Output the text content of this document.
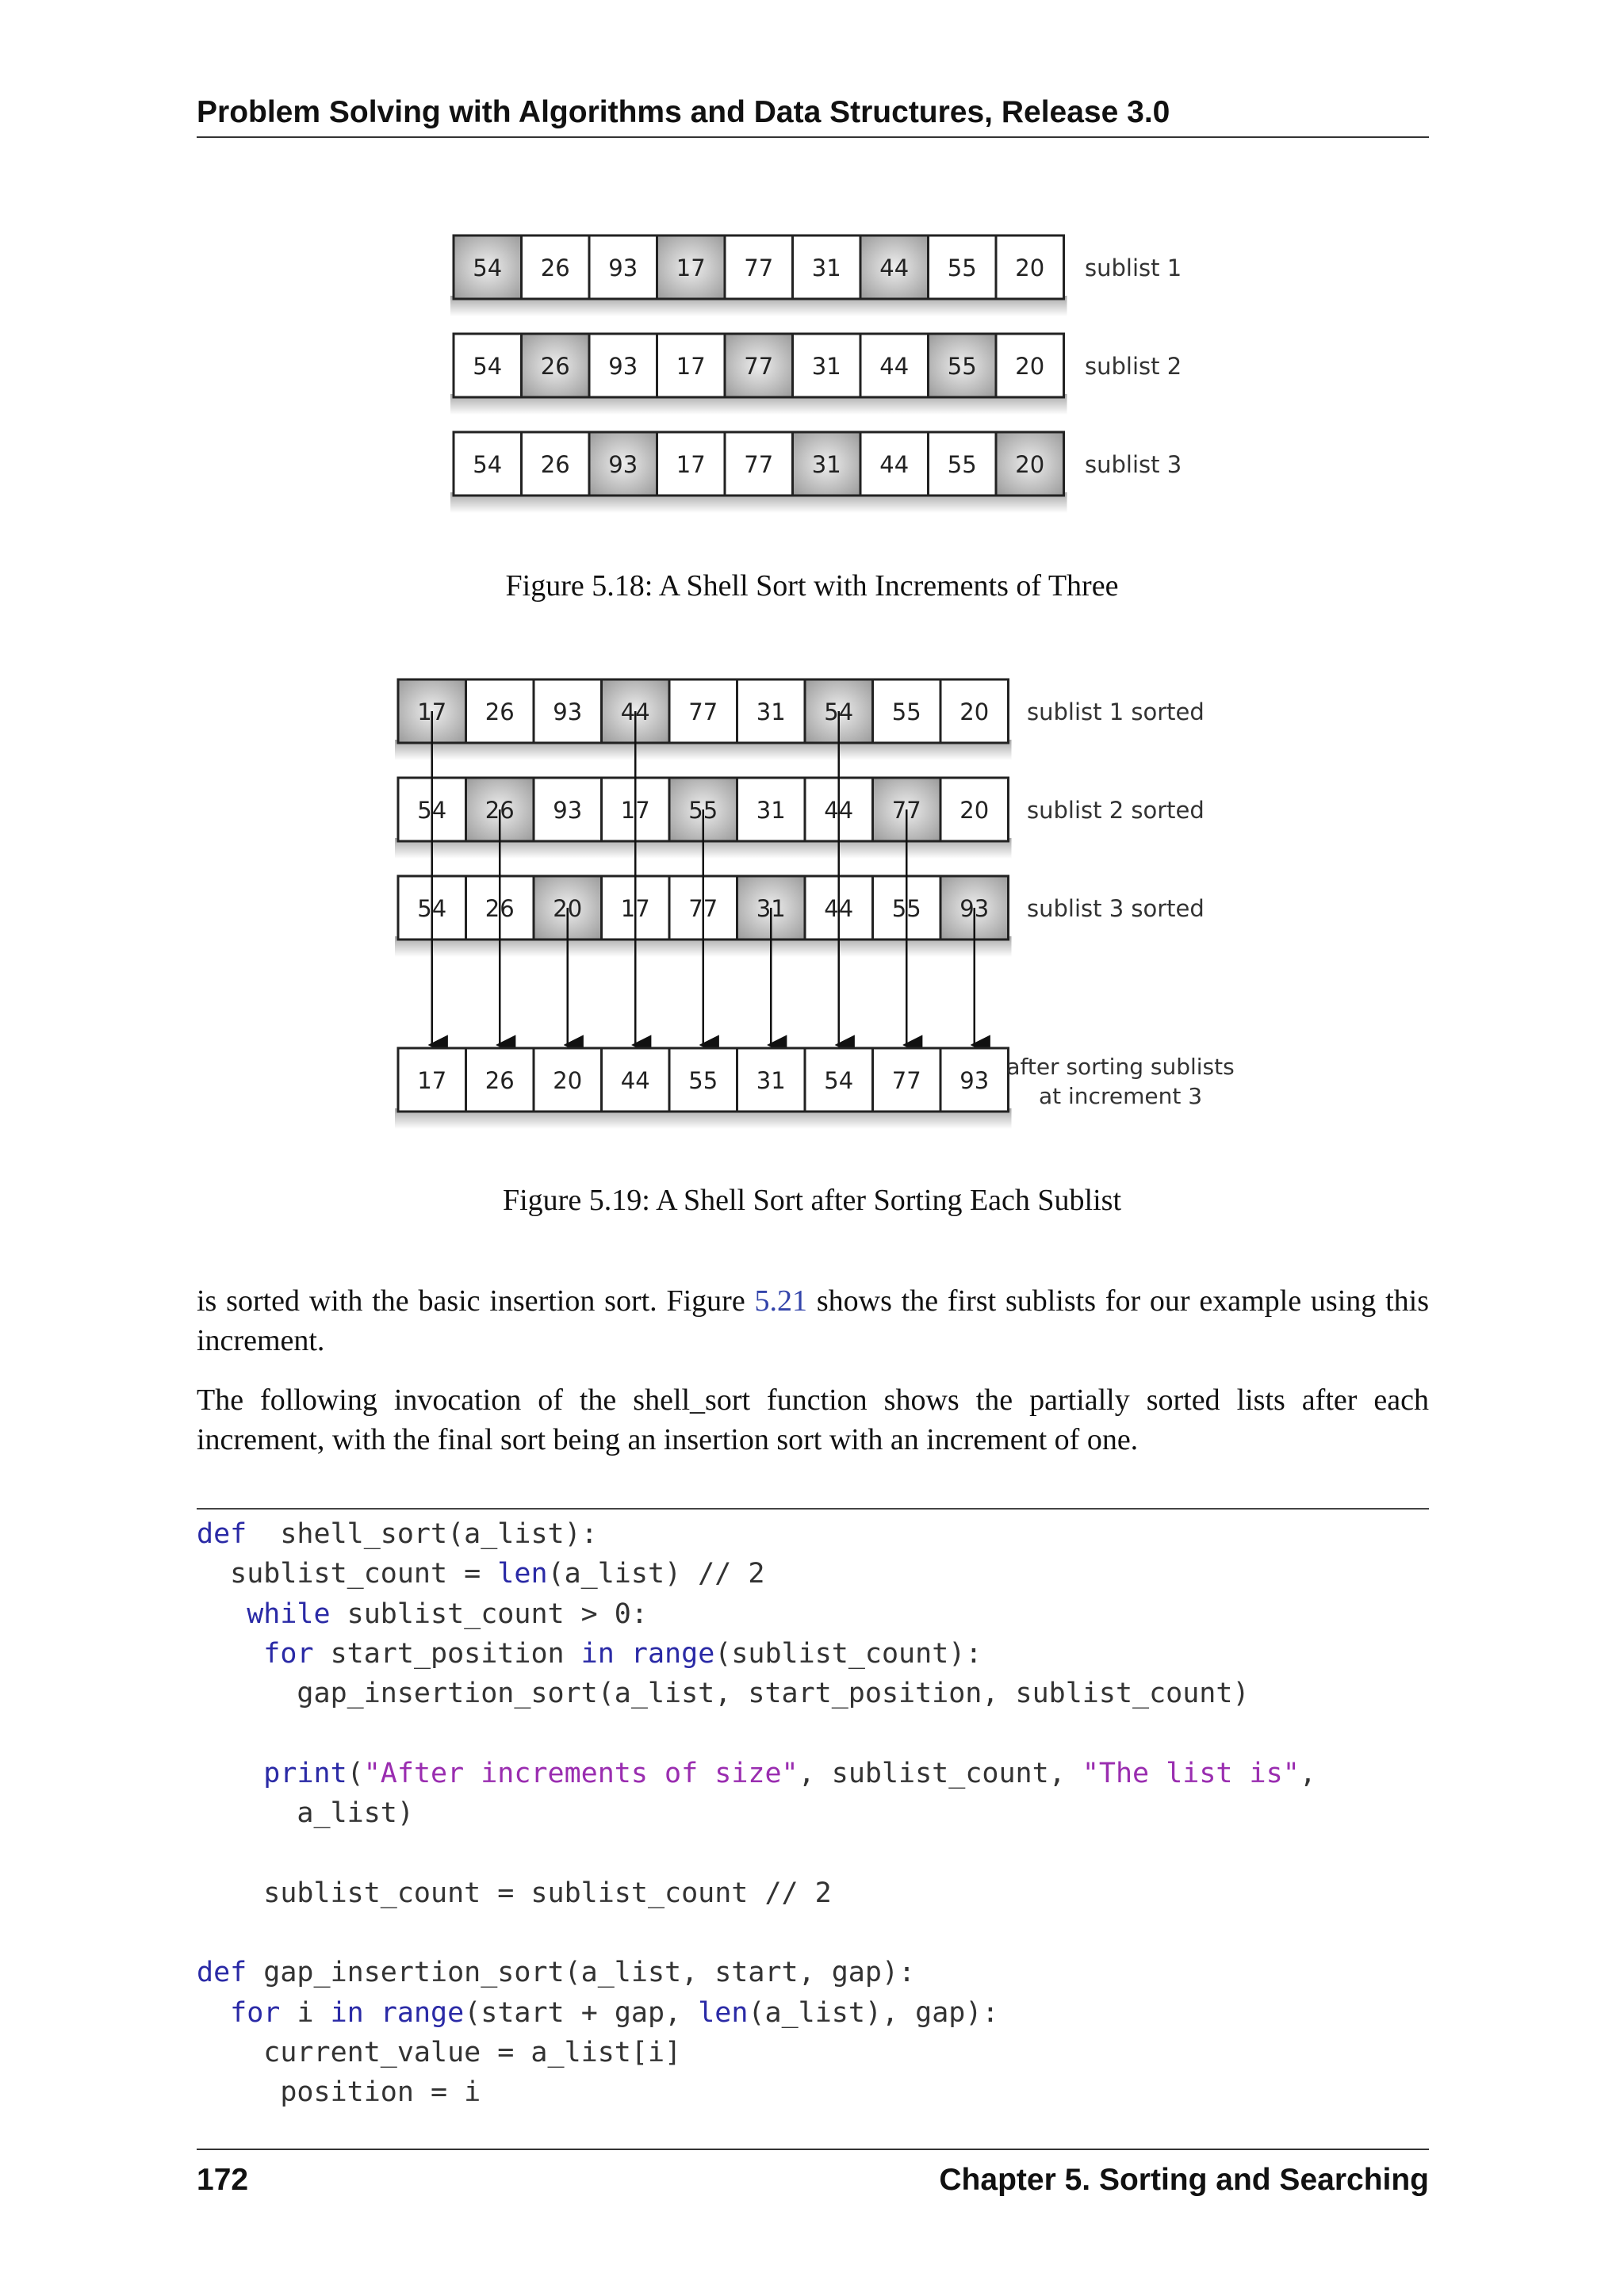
Problem Solving with Algorithms and Data Structures, Release 3.0
54 26 93 17 77 31 44 55 20 sublist 1
54 26 93 17 77 31 44 55 20 sublist 2
54 26 93 17 77 31 44 55 20 sublist 3
Figure 5.18: A Shell Sort with Increments of Three
17 26 93 44 77 31 54 55 20 sublist 1 sorted
54 26 93 17 55 31 44 77 20 sublist 2 sorted
54 26 20 17 77 31 44 55 93 sublist 3 sorted
17 26 20 44 55 31 54 77 93
after sorting sublists
at increment 3
Figure 5.19: A Shell Sort after Sorting Each Sublist
is sorted with the basic insertion sort. Figure 5.21 shows the first sublists for our example using this increment.
The following invocation of the shell_sort function shows the partially sorted lists after each increment, with the final sort being an insertion sort with an increment of one.
def  shell_sort(a_list):
sublist_count = len(a_list) // 2
while sublist_count > 0:
for start_position in range(sublist_count):
gap_insertion_sort(a_list, start_position, sublist_count)
print("After increments of size", sublist_count, "The list is",
a_list)
sublist_count = sublist_count // 2
def gap_insertion_sort(a_list, start, gap):
for i in range(start + gap, len(a_list), gap):
current_value = a_list[i]
position = i
172	Chapter 5. Sorting and Searching
